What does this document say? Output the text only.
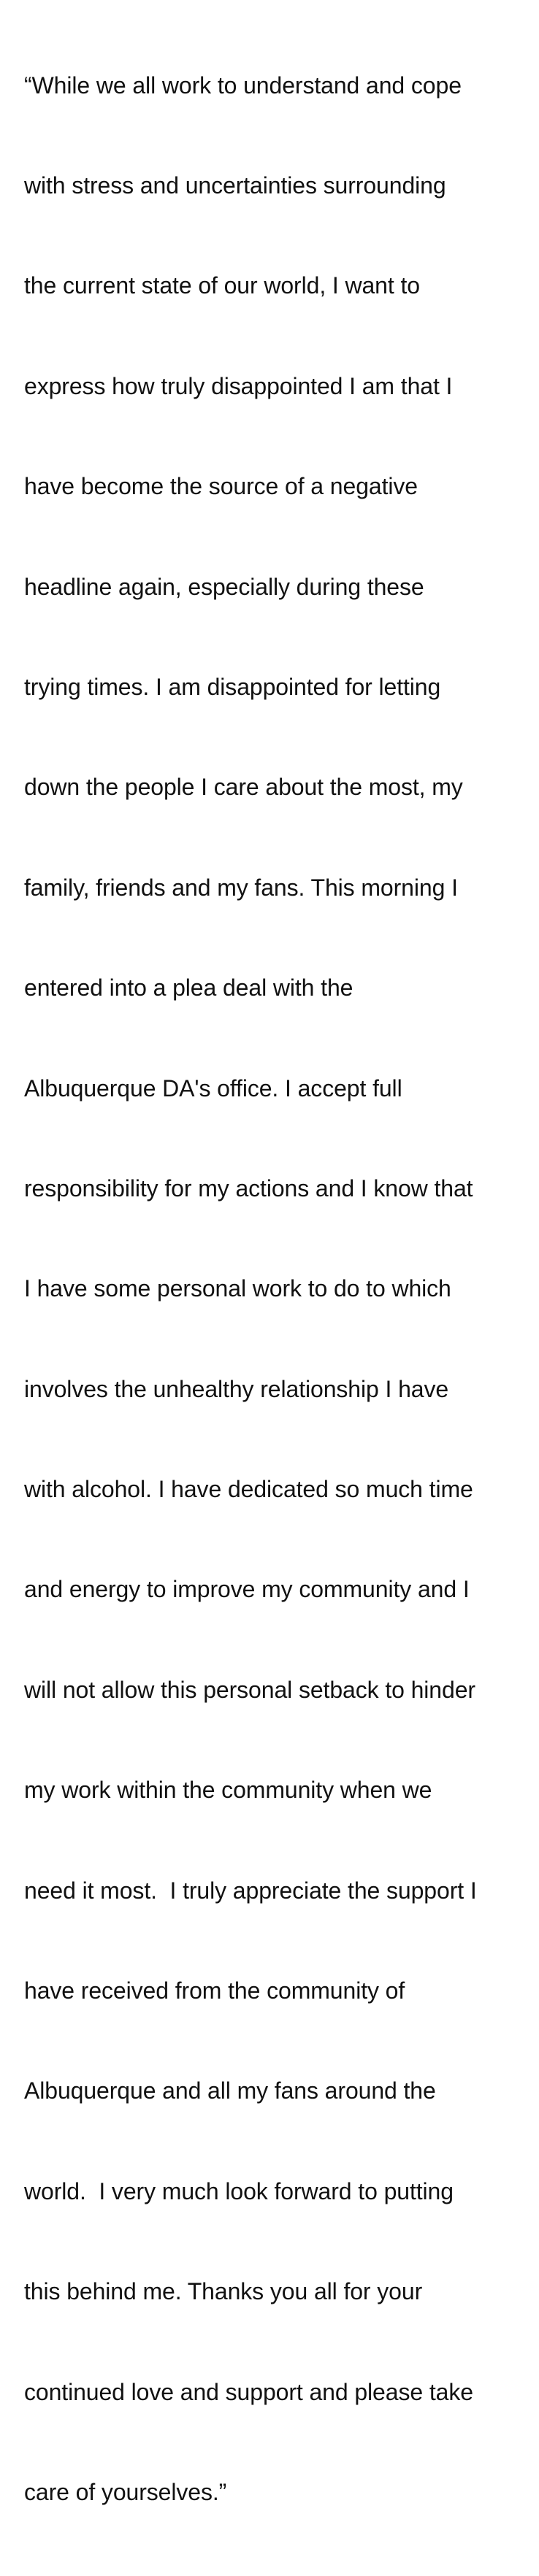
“While we all work to understand and cope

with stress and uncertainties surrounding

the current state of our world, I want to

express how truly disappointed I am that I

have become the source of a negative

headline again, especially during these

trying times. I am disappointed for letting

down the people I care about the most, my

family, friends and my fans. This morning I

entered into a plea deal with the

Albuquerque DA's office. I accept full

responsibility for my actions and I know that

I have some personal work to do to which

involves the unhealthy relationship I have

with alcohol. I have dedicated so much time

and energy to improve my community and I

will not allow this personal setback to hinder

my work within the community when we

need it most.  I truly appreciate the support I

have received from the community of

Albuquerque and all my fans around the

world.  I very much look forward to putting

this behind me. Thanks you all for your

continued love and support and please take

care of yourselves.”
